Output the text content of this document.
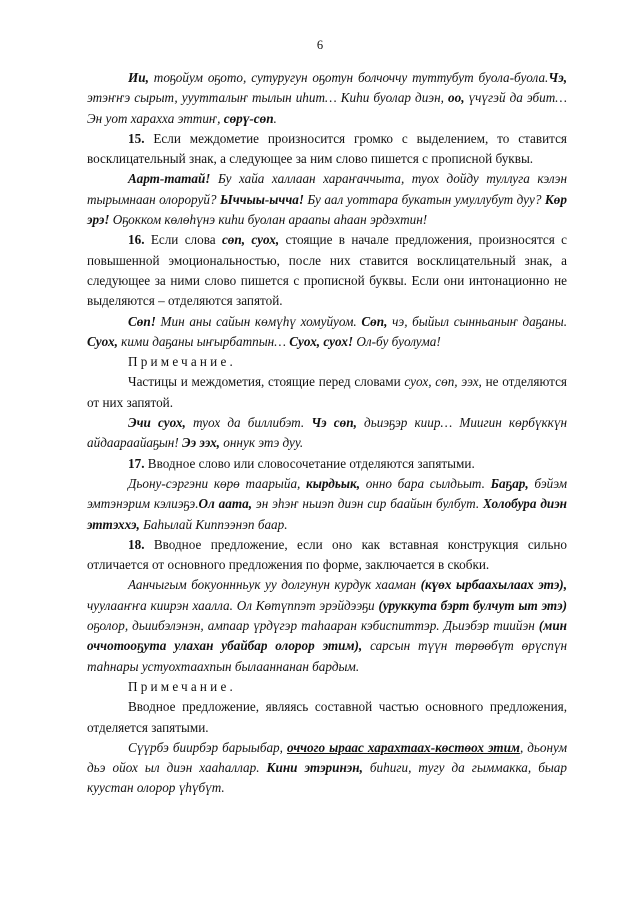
6

Ии, тоҕойум оҕото, сутуругун оҕотун болчоччу туттубут буола-буола.Чэ, этэҥҥэ сырыт, ууутталыҥ тылын иһит… Киһи буолар диэн, оо, үчүгэй да эбит… Эн уот харахха эттиҥ, сөрү-сөп.

15. Если междометие произносится громко с выделением, то ставится восклицательный знак, а следующее за ним слово пишется с прописной буквы.

Аарт-татай! Бу хайа халлаан хараҥаччыта, туох дойду туллуга кэлэн тырымнаан олороруй? Ыччыы-ычча! Бу аал уоттара букатын умуллубут дуу? Көр эрэ! Оҕокком көлөһүнэ киһи буолан араапы аһаан эрдэхтин!

16. Если слова сөп, суох, стоящие в начале предложения, произносятся с повышенной эмоциональностью, после них ставится восклицательный знак, а следующее за ними слово пишется с прописной буквы. Если они интонационно не выделяются – отделяются запятой.

Сөп! Мин аны сайын көмүһү хомуйуом. Сөп, чэ, быйыл сынньаныҥ даҕаны. Суох, кими даҕаны ыҥырбатпын… Суох, суох! Ол-бу буолума!

Примечание.

Частицы и междометия, стоящие перед словами суох, сөп, ээх, не отделяются от них запятой.

Эчи суох, туох да биллибэт. Чэ сөп, дьиэҕэр киир… Миигин көрбүккүн айдаараайаҕын! Ээ ээх, оннук этэ дуу.

17. Вводное слово или словосочетание отделяются запятыми.

Дьону-сэргэни көрө таарыйа, кырдьык, онно бара сылдьыт. Баҕар, бэйэм эмтэнэрим кэлиэҕэ.Ол аата, эн эһэҥ ньиэп диэн сир баайын булбут. Холобура диэн эттэххэ, Баһылай Киппээнэп баар.

18. Вводное предложение, если оно как вставная конструкция сильно отличается от основного предложения по форме, заключается в скобки.

Аанчыгым бокуоннньук уу долгунун курдук хааман (күөх ырбаахылаах этэ), чуулааҥҥа киирэн хаалла. Ол Көтүппэт эрэйдээҕи (уруккута бэрт булчут ыт этэ) оҕолор, дьиибэлэнэн, ампаар үрдүгэр таһааран кэбиспиттэр. Дьиэбэр тиийэн (мин оччотооҕута улахан убайбар олорор этим), сарсын түүн төрөөбүт өрүспүн таһнары устуохтаахпын былааннанан бардым.

Примечание.

Вводное предложение, являясь составной частью основного предложения, отделяется запятыми.

Сүүрбэ биирбэр барыыбар, оччого ыраас харахтаах-көстөох этим, дьонум дьэ ойох ыл диэн хааһаллар. Кини этэринэн, биһиги, тугу да гыммакка, быар куустан олорор үһүбүт.
